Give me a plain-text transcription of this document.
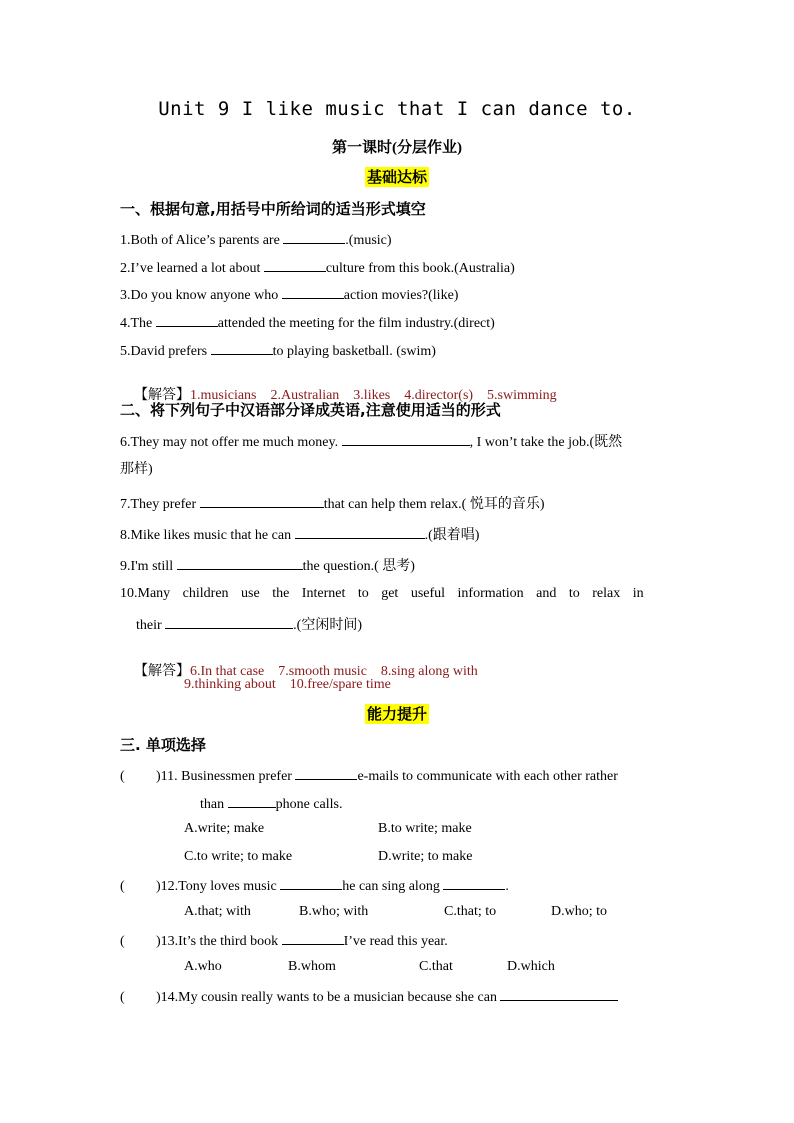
Unit 9 I like music that I can dance to.
第一课时(分层作业)
基础达标
一、根据句意,用括号中所给词的适当形式填空
1.Both of Alice’s parents are	.(music)
2.I’ve learned a lot about	culture from this book.(Australia)
3.Do you know anyone who	action movies?(like)
4.The	attended the meeting for the film industry.(direct)
5.David prefers	to playing basketball. (swim)

【解答】1.musicians    2.Australian    3.likes    4.director(s)    5.swimming

二、将下列句子中汉语部分译成英语,注意使用适当的形式
6.They may not offer me much money.	, I won’t take the job.(既然
那样)
7.They prefer	that can help them relax.( 悦耳的音乐)
8.Mike likes music that he can	.(跟着唱)
9.I'm still	the question.( 思考)
10.Many children use the Internet to get useful information and to relax in
their	.(空闲时间)

【解答】6.In that case    7.smooth music    8.sing along with

9.thinking about    10.free/spare time
能力提升
三. 单项选择
( )11. Businessmen prefer	e-mails to communicate with each other rather
than	phone calls.
A.write; make	B.to write; make
C.to write; to make	D.write; to make
( )12.Tony loves music	he can sing along	.
A.that; with	B.who; with	C.that; to	D.who; to
( )13.It’s the third book	I’ve read this year.
A.who	B.whom	C.that	D.which
( )14.My cousin really wants to be a musician because she can
